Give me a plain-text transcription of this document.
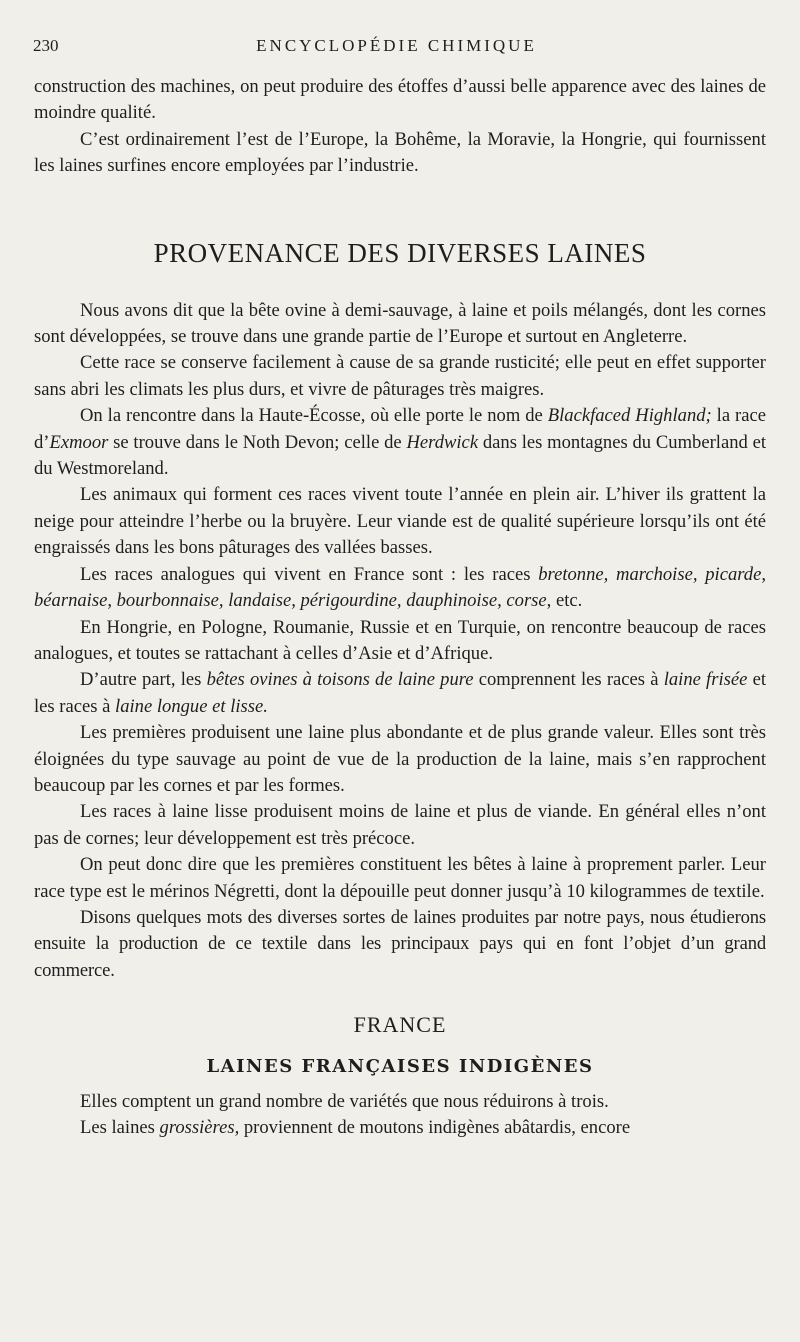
230	ENCYCLOPÉDIE CHIMIQUE

construction des machines, on peut produire des étoffes d’aussi belle apparence avec des laines de moindre qualité.

C’est ordinairement l’est de l’Europe, la Bohême, la Moravie, la Hongrie, qui fournissent les laines surfines encore employées par l’industrie.

PROVENANCE DES DIVERSES LAINES

Nous avons dit que la bête ovine à demi-sauvage, à laine et poils mélangés, dont les cornes sont développées, se trouve dans une grande partie de l’Europe et surtout en Angleterre.

Cette race se conserve facilement à cause de sa grande rusticité; elle peut en effet supporter sans abri les climats les plus durs, et vivre de pâturages très maigres.

On la rencontre dans la Haute-Écosse, où elle porte le nom de Blackfaced Highland; la race d’Exmoor se trouve dans le Noth Devon; celle de Herdwick dans les montagnes du Cumberland et du Westmoreland.

Les animaux qui forment ces races vivent toute l’année en plein air. L’hiver ils grattent la neige pour atteindre l’herbe ou la bruyère. Leur viande est de qualité supérieure lorsqu’ils ont été engraissés dans les bons pâturages des vallées basses.

Les races analogues qui vivent en France sont : les races bretonne, marchoise, picarde, béarnaise, bourbonnaise, landaise, périgourdine, dauphinoise, corse, etc.

En Hongrie, en Pologne, Roumanie, Russie et en Turquie, on rencontre beaucoup de races analogues, et toutes se rattachant à celles d’Asie et d’Afrique.

D’autre part, les bêtes ovines à toisons de laine pure comprennent les races à laine frisée et les races à laine longue et lisse.

Les premières produisent une laine plus abondante et de plus grande valeur. Elles sont très éloignées du type sauvage au point de vue de la production de la laine, mais s’en rapprochent beaucoup par les cornes et par les formes.

Les races à laine lisse produisent moins de laine et plus de viande. En général elles n’ont pas de cornes; leur développement est très précoce.

On peut donc dire que les premières constituent les bêtes à laine à proprement parler. Leur race type est le mérinos Négretti, dont la dépouille peut donner jusqu’à 10 kilogrammes de textile.

Disons quelques mots des diverses sortes de laines produites par notre pays, nous étudierons ensuite la production de ce textile dans les principaux pays qui en font l’objet d’un grand commerce.

FRANCE
LAINES FRANÇAISES INDIGÈNES

Elles comptent un grand nombre de variétés que nous réduirons à trois.

Les laines grossières, proviennent de moutons indigènes abâtardis, encore
